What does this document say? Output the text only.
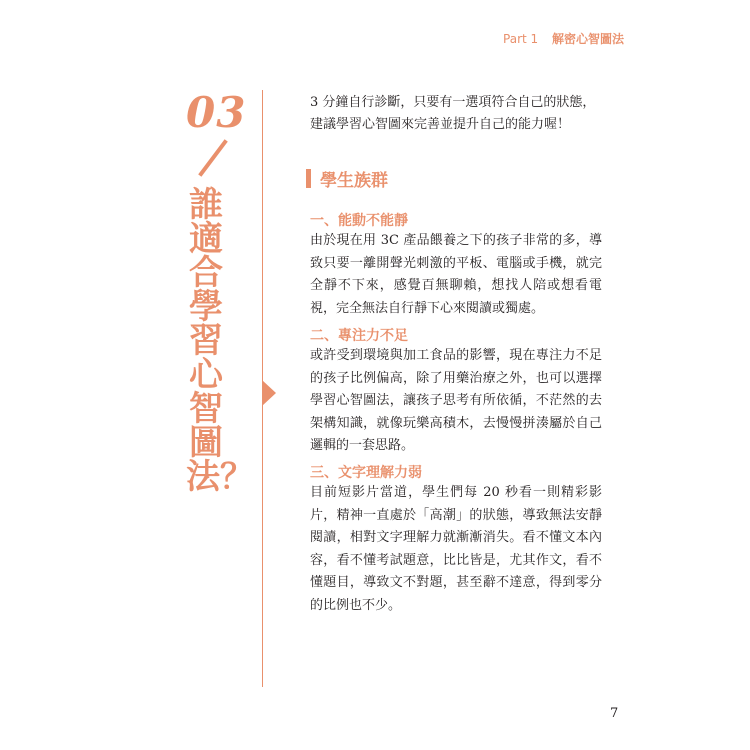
Part 1 解密心智圖法
03
誰適合學習心智圖法？
3 分鐘自行診斷，只要有一選項符合自己的狀態，建議學習心智圖來完善並提升自己的能力喔！
學生族群
一、能動不能靜
由於現在用 3C 產品餵養之下的孩子非常的多，導致只要一離開聲光刺激的平板、電腦或手機，就完全靜不下來，感覺百無聊賴，想找人陪或想看電視，完全無法自行靜下心來閱讀或獨處。
二、專注力不足
或許受到環境與加工食品的影響，現在專注力不足的孩子比例偏高，除了用藥治療之外，也可以選擇學習心智圖法，讓孩子思考有所依循，不茫然的去架構知識，就像玩樂高積木，去慢慢拼湊屬於自己邏輯的一套思路。
三、文字理解力弱
目前短影片當道，學生們每 20 秒看一則精彩影片，精神一直處於「高潮」的狀態，導致無法安靜閱讀，相對文字理解力就漸漸消失。看不懂文本內容，看不懂考試題意，比比皆是，尤其作文，看不懂題目，導致文不對題，甚至辭不達意，得到零分的比例也不少。
7
